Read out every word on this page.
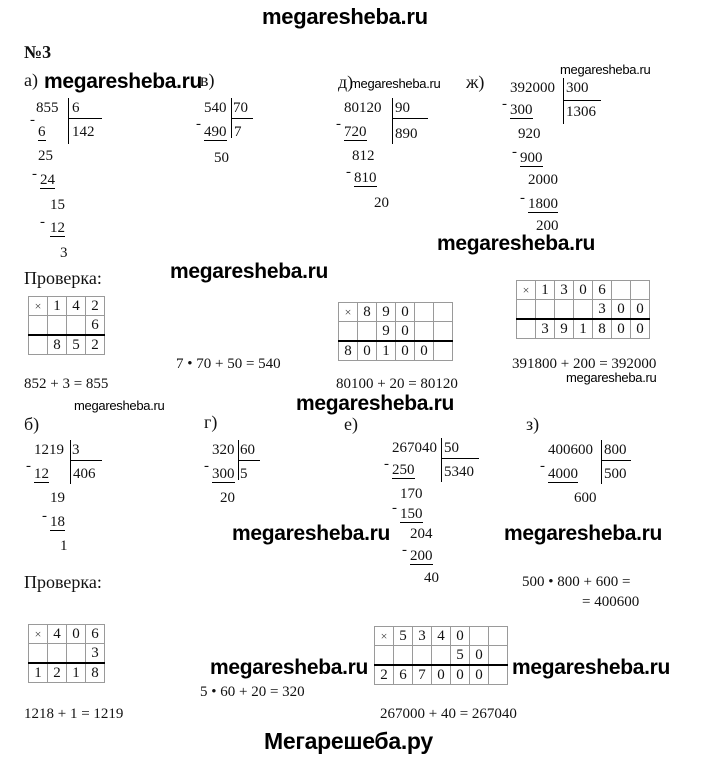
megaresheba.ru
№3
а) megaresheba.ru
в)	д)
megaresheba.ru ж)
megaresheba.ru
855 6
142
-
6
25
- 24
15
- 12
3
540 70
- 490 7
50
80120 90
890
- 720
812
- 810
20
392000 300
1306
- 300
920
- 900
2000
- 1800
200
megaresheba.ru
Проверка:	megaresheba.ru
×	1	4	2
			6
	8	5	2
852 + 3 = 855
7 • 70 + 50 = 540
×	8	9	0		
		9	0		
8	0	1	0	0	
80100 + 20 = 80120
×	1	3	0	6		
				3	0	0
	3	9	1	8	0	0
391800 + 200 = 392000
megaresheba.ru
б)
megaresheba.ru	megaresheba.ru
г)	е)	з)
1219 3
406
- 12
19
- 18
1
320 60
- 300 5
20
267040 50
5340
- 250
170
- 150
204
- 200
40
400600 800
500
- 4000
600
megaresheba.ru	megaresheba.ru
Проверка:	500 • 800 + 600 =
= 400600
×	4	0	6
			3
1	2	1	8
1218 + 1 = 1219
megaresheba.ru
5 • 60 + 20 = 320
×	5	3	4	0		
				5	0	
2	6	7	0	0	0	
267000 + 40 = 267040
megaresheba.ru
Мегарешеба.ру
